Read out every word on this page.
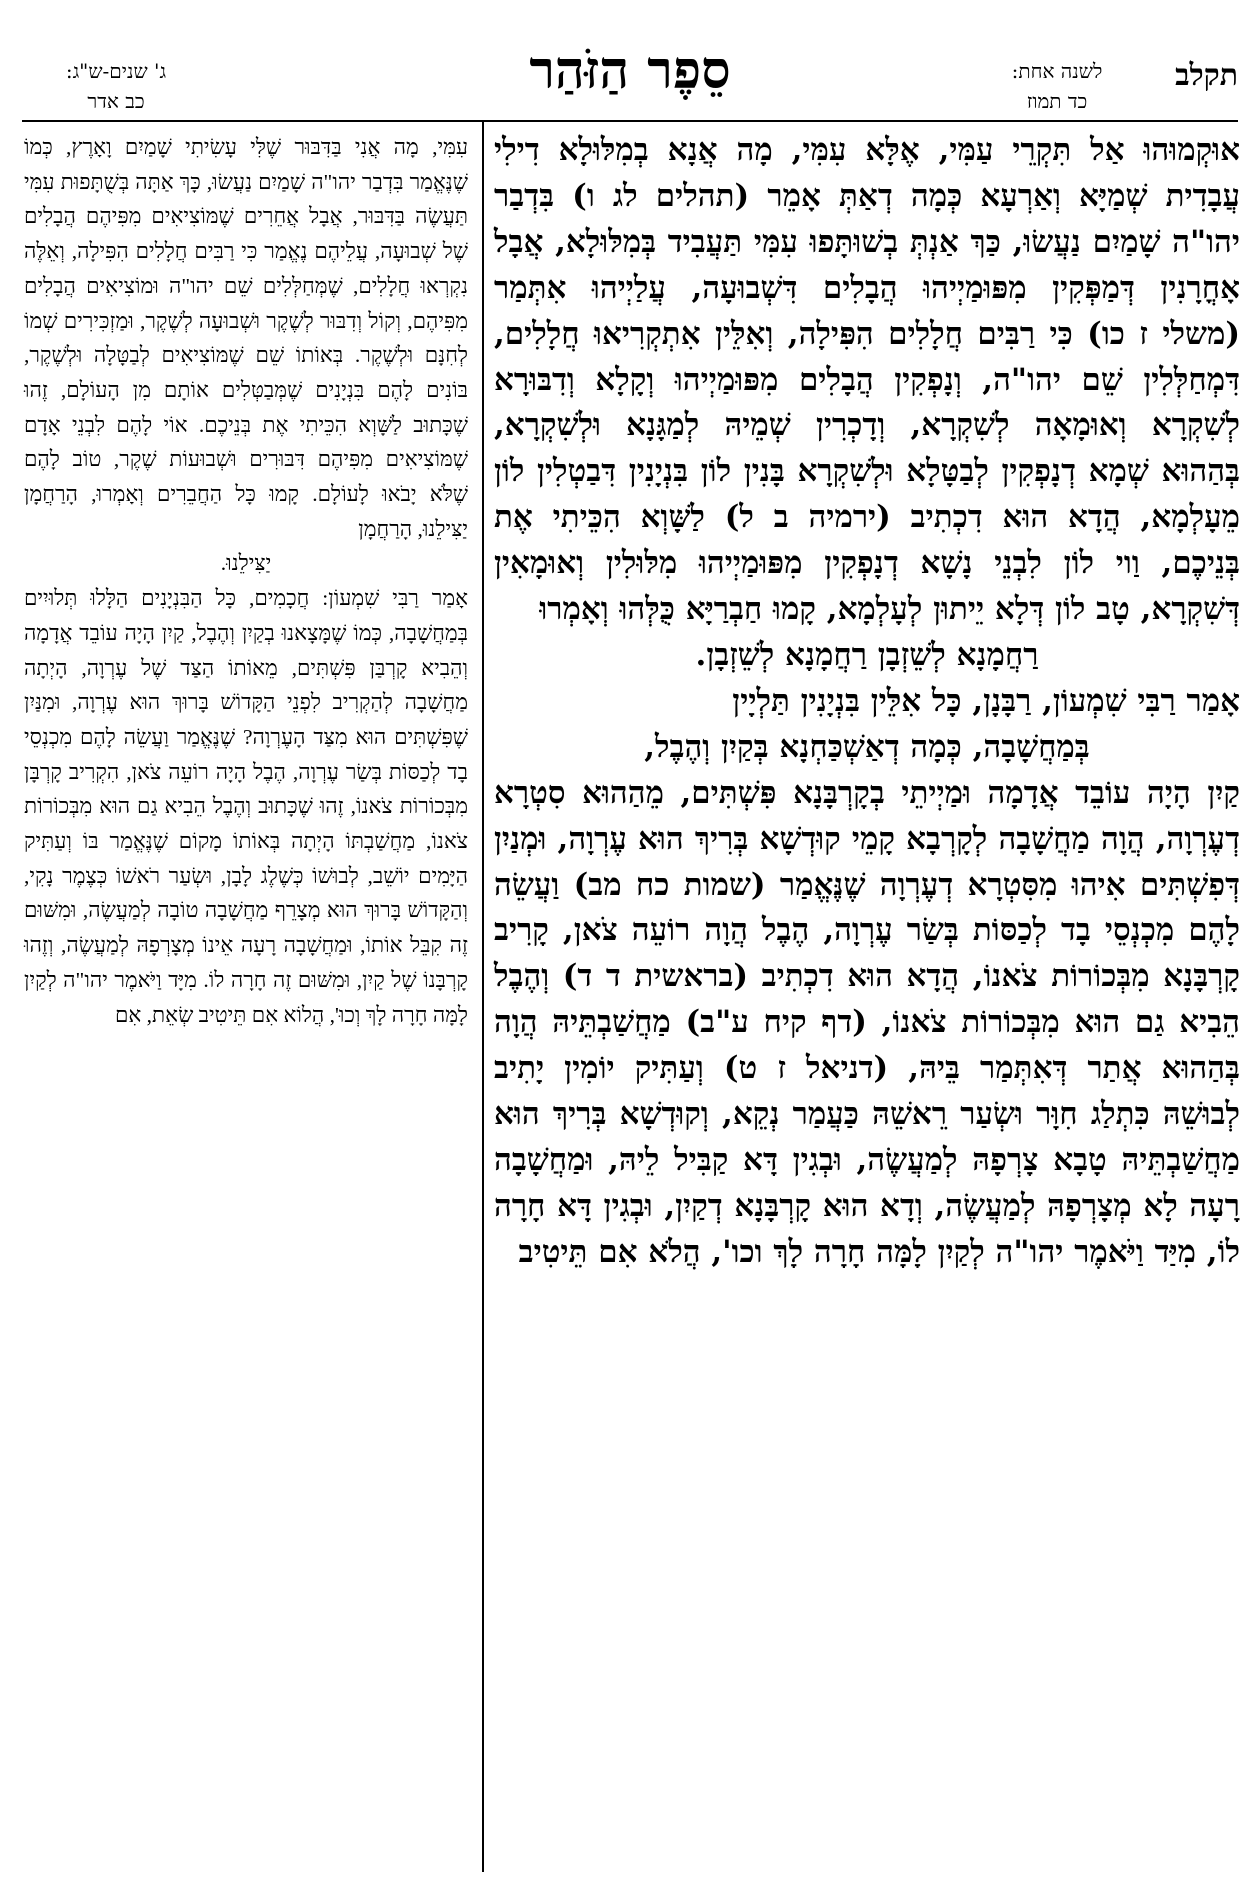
תקלב
לשנה אחת:
כד תמוז
סֵפֶר הַזֹּהַר
ג' שנים-ש"ג:
כב אדר

אוּקְמוּהוּ אַל תִּקְרֵי עַמִּי, אֶלָּא עִמִּי, מָה אֲנָא בְמִלּוּלָא דִילִי עֲבָדִית שְׁמַיָּא וְאַרְעָא כְּמָה דְאַתְּ אָמֵר (תהלים לג ו) בִּדְבַר יהו"ה שָׁמַיִם נַעֲשׂוּ, כַּךְ אַנְתְּ בְשׁוּתָּפוּ עִמִּי תַּעֲבִיד בְּמִלּוּלָא, אֲבָל אָחֳרָנִין דְּמַפְּקִין מִפּוּמַיְיהוּ הֲבָלִים דִּשְׁבוּעָה, עֲלַיְיהוּ אִתְּמַר (משלי ז כו) כִּי רַבִּים חֲלָלִים הִפִּילָה, וְאִלֵּין אִתְקְרִיאוּ חֲלָלִים, דִּמְחַלְּלִין שֵׁם יהו"ה, וְנָפְקִין הֲבָלִים מִפּוּמַיְיהוּ וְקָלָא וְדִבּוּרָא לְשִׁקְרָא וְאוּמָאָה לְשִׁקְרָא, וְדָכְרִין שְׁמֵיהּ לְמַגָּנָא וּלְשִׁקְרָא, בְּהַהוּא שְׁמָא דְנָפְקִין לְבַטָּלָא וּלְשִׁקְרָא בָּנִין לוֹן בִּנְיָנִין דִּבַטְלִין לוֹן מֵעָלְמָא, הֲדָא הוּא דִכְתִיב (ירמיה ב ל) לַשָּׁוְא הִכֵּיתִי אֶת בְּנֵיכֶם, וַוי לוֹן לִבְנֵי נָשָׁא דְנָפְקִין מִפּוּמַיְיהוּ מִלּוּלִין וְאוּמָאִין דְּשִׁקְרָא, טָב לוֹן דְּלָא יֵיתוּן לְעָלְמָא, קָמוּ חַבְרַיָּא כֻּלְּהוּ וְאָמְרוּ

רַחֲמָנָא לְשֵׁזְבָן רַחֲמָנָא לְשֵׁזְבָן.

אָמַר רַבִּי שִׁמְעוֹן, רַבָּנָן, כָּל אִלֵּין בִּנְיָנִין תַּלְיָין

בְּמַחֲשָׁבָה, כְּמָה דְאַשְׁכַּחְנָא בְּקַיִן וְהֶבֶל,

קַיִן הָיָה עוֹבֵד אֲדָמָה וּמַיְיתֵי בְקָרְבָּנָא פִּשְׁתִּים, מֵהַהוּא סִטְרָא דְעֶרְוָה, הֲוָה מַחֲשָׁבָה לְקָרְבָא קָמֵי קוּדְשָׁא בְּרִיךְ הוּא עֶרְוָה, וּמְנַיִן דְּפִשְׁתִּים אִיהוּ מִסִּטְרָא דְעֶרְוָה שֶׁנֶּאֱמַר (שמות כח מב) וַעֲשֵׂה לָהֶם מִכְנְסֵי בָד לְכַסּוֹת בְּשַׂר עֶרְוָה, הֶבֶל הֲוָה רוֹעֵה צֹאן, קָרִיב קָרְבָּנָא מִבְּכוֹרוֹת צֹאנוֹ, הֲדָא הוּא דִכְתִיב (בראשית ד ד) וְהֶבֶל הֵבִיא גַם הוּא מִבְּכוֹרוֹת צֹאנוֹ, (דף קיח ע"ב) מַחֲשַׁבְתֵּיהּ הֲוָה בְּהַהוּא אֲתַר דְּאִתְּמַר בֵּיהּ, (דניאל ז ט) וְעַתִּיק יוֹמִין יָתִיב לְבוּשֵׁהּ כִּתְלַג חִוָּר וּשְׂעַר רֵאשֵׁהּ כַּעֲמַר נְקֵא, וְקוּדְשָׁא בְּרִיךְ הוּא מַחֲשַׁבְתֵּיהּ טָבָא צָרְפָהּ לְמַעֲשֶׂה, וּבְגִין דָּא קַבִּיל לֵיהּ, וּמַחֲשָׁבָה רָעָה לָא מְצָרְפָהּ לְמַעֲשֶׂה, וְדָא הוּא קָרְבָּנָא דְקַיִן, וּבְגִין דָּא חָרָה לוֹ, מִיַּד וַיֹּאמֶר יהו"ה לְקַיִן לָמָּה חָרָה לָךְ וכו', הֲלֹא אִם תֵּיטִיב

עִמִּי, מָה אֲנִי בַּדִּבּוּר שֶׁלִּי עָשִׂיתִי שָׁמַיִם וָאָרֶץ, כְּמוֹ שֶׁנֶּאֱמַר בִּדְבַר יהו"ה שָׁמַיִם נַעֲשׂוּ, כָּךְ אַתָּה בְּשֻׁתָּפוּת עִמִּי תַּעֲשֶׂה בַּדִּבּוּר, אֲבָל אֲחֵרִים שֶׁמּוֹצִיאִים מִפִּיהֶם הֲבָלִים שֶׁל שְׁבוּעָה, עֲלֵיהֶם נֶאֱמַר כִּי רַבִּים חֲלָלִים הִפִּילָה, וְאֵלֶּה נִקְרְאוּ חֲלָלִים, שֶׁמְּחַלְּלִים שֵׁם יהו"ה וּמוֹצִיאִים הֲבָלִים מִפִּיהֶם, וְקוֹל וְדִבּוּר לְשֶׁקֶר וּשְׁבוּעָה לְשֶׁקֶר, וּמַזְכִּירִים שְׁמוֹ לְחִנָּם וּלְשֶׁקֶר. בְּאוֹתוֹ שֵׁם שֶׁמּוֹצִיאִים לְבַטָּלָה וּלְשֶׁקֶר, בּוֹנִים לָהֶם בִּנְיָנִים שֶׁמְּבַטְּלִים אוֹתָם מִן הָעוֹלָם, זֶהוּ שֶׁכָּתוּב לַשָּׁוְא הִכֵּיתִי אֶת בְּנֵיכֶם. אוֹי לָהֶם לִבְנֵי אָדָם שֶׁמּוֹצִיאִים מִפִּיהֶם דִּבּוּרִים וּשְׁבוּעוֹת שֶׁקֶר, טוֹב לָהֶם שֶׁלֹּא יָבֹאוּ לָעוֹלָם. קָמוּ כָּל הַחֲבֵרִים וְאָמְרוּ, הָרַחֲמָן יַצִּילֵנוּ, הָרַחֲמָן

יַצִּילֵנוּ.

אָמַר רַבִּי שִׁמְעוֹן: חֲכָמִים, כָּל הַבִּנְיָנִים הַלָּלוּ תְּלוּיִים בְּמַחֲשָׁבָה, כְּמוֹ שֶׁמָּצָאנוּ בְקַיִן וְהֶבֶל, קַיִן הָיָה עוֹבֵד אֲדָמָה וְהֵבִיא קָרְבַּן פִּשְׁתִּים, מֵאוֹתוֹ הַצַּד שֶׁל עֶרְוָה, הָיְתָה מַחֲשָׁבָה לְהַקְרִיב לִפְנֵי הַקָּדוֹשׁ בָּרוּךְ הוּא עֶרְוָה, וּמִנַּיִן שֶׁפִּשְׁתִּים הוּא מִצַּד הָעֶרְוָה? שֶׁנֶּאֱמַר וַעֲשֵׂה לָהֶם מִכְנְסֵי בָד לְכַסּוֹת בְּשַׂר עֶרְוָה, הֶבֶל הָיָה רוֹעֵה צֹאן, הִקְרִיב קָרְבָּן מִבְּכוֹרוֹת צֹאנוֹ, זֶהוּ שֶׁכָּתוּב וְהֶבֶל הֵבִיא גַם הוּא מִבְּכוֹרוֹת צֹאנוֹ, מַחֲשַׁבְתּוֹ הָיְתָה בְּאוֹתוֹ מָקוֹם שֶׁנֶּאֱמַר בּוֹ וְעַתִּיק הַיָּמִים יוֹשֵׁב, לְבוּשׁוֹ כְּשֶׁלֶג לָבָן, וּשְׂעַר רֹאשׁוֹ כְּצֶמֶר נָקִי, וְהַקָּדוֹשׁ בָּרוּךְ הוּא מְצָרֵף מַחֲשָׁבָה טוֹבָה לְמַעֲשֶׂה, וּמִשּׁוּם זֶה קִבֵּל אוֹתוֹ, וּמַחֲשָׁבָה רָעָה אֵינוֹ מְצָרְפָהּ לְמַעֲשֶׂה, וְזֶהוּ קָרְבָּנוֹ שֶׁל קַיִן, וּמִשּׁוּם זֶה חָרָה לוֹ. מִיָּד וַיֹּאמֶר יהו"ה לְקַיִן לָמָּה חָרָה לָךְ וְכוּ', הֲלוֹא אִם תֵּיטִיב שְׂאֵת, אִם
